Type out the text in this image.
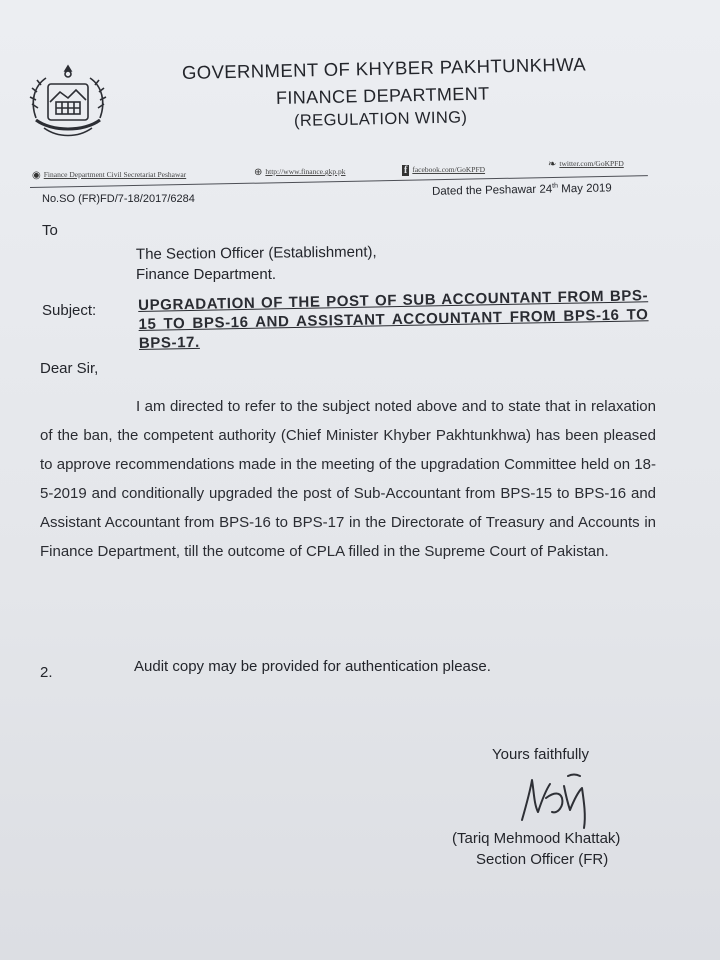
GOVERNMENT OF KHYBER PAKHTUNKHWA
FINANCE DEPARTMENT
(REGULATION WING)
◉ Finance Department Civil Secretariat Peshawar	⊕ http://www.finance.gkp.pk	f facebook.com/GoKPFD	❧ twitter.com/GoKPFD
No.SO (FR)FD/7-18/2017/6284
Dated the Peshawar 24th May 2019
To
The Section Officer (Establishment),
Finance Department.
Subject:	UPGRADATION OF THE POST OF SUB ACCOUNTANT FROM BPS-15 TO BPS-16 AND ASSISTANT ACCOUNTANT FROM BPS-16 TO BPS-17.
Dear Sir,
I am directed to refer to the subject noted above and to state that in relaxation of the ban, the competent authority (Chief Minister Khyber Pakhtunkhwa) has been pleased to approve recommendations made in the meeting of the upgradation Committee held on 18-5-2019 and conditionally upgraded the post of Sub-Accountant from BPS-15 to BPS-16 and Assistant Accountant from BPS-16 to BPS-17 in the Directorate of Treasury and Accounts in Finance Department, till the outcome of CPLA filled in the Supreme Court of Pakistan.
2.	Audit copy may be provided for authentication please.
Yours faithfully
(Tariq Mehmood Khattak)
Section Officer (FR)
